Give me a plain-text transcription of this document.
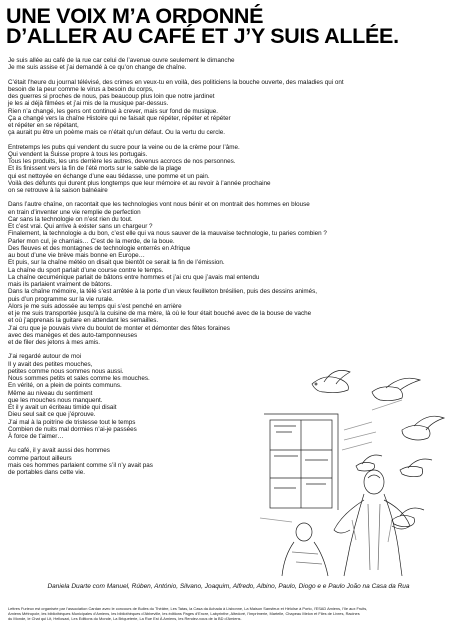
UNE VOIX M’A ORDONNÉ
D’ALLER AU CAFÉ ET J’Y SUIS ALLÉE.

Je suis allée au café de la rue car celui de l’avenue ouvre seulement le dimanche
Je me suis assise et j’ai demandé à ce qu’on change de chaîne.

C’était l’heure du journal télévisé, des crimes en veux-tu en voilà, des politiciens la bouche ouverte, des maladies qui ont
besoin de la peur comme le virus a besoin du corps,
des guerres si proches de nous, pas beaucoup plus loin que notre jardinet
je les ai déjà filmées et j’ai mis de la musique par-dessus.
Rien n’a changé, les gens ont continué à crever, mais sur fond de musique.
Ça a changé vers la chaîne Histoire qui ne faisait que répéter, répéter et répéter
et répéter en se répétant,
ça aurait pu être un poème mais ce n’était qu’un défaut. Ou la vertu du cercle.

Entretemps les pubs qui vendent du sucre pour la veine ou de la crème pour l’âme.
Qui vendent la Suisse propre à tous les portugais.
Tous les produits, les uns derrière les autres, devenus accrocs de nos personnes.
Et ils finissent vers la fin de l’été morts sur le sable de la plage
qui est nettoyée en échange d’une eau tiédasse, une pomme et un pain.
Voilà des défunts qui durent plus longtemps que leur mémoire et au revoir à l’année prochaine
on se retrouve à la saison balnéaire

Dans l’autre chaîne, on racontait que les technologies vont nous bénir et on montrait des hommes en blouse
en train d’inventer une vie remplie de perfection
Car sans la technologie on n’est rien du tout.
Et c’est vrai. Qui arrive à exister sans un chargeur ?
Finalement, la technologie a du bon, c’est elle qui va nous sauver de la mauvaise technologie, tu paries combien ?
Parler mon cul, je charriais… C’est de la merde, de la boue.
Des fleuves et des montagnes de technologie enterrés en Afrique
au bout d’une vie brève mais bonne en Europe…
Et puis, sur la chaîne météo on disait que bientôt ce serait la fin de l’émission.
La chaîne du sport parlait d’une course contre le temps.
La chaîne œcuménique parlait de bâtons entre hommes et j’ai cru que j’avais mal entendu
mais ils parlaient vraiment de bâtons.
Dans la chaîne mémoire, la télé s’est arrêtée à la porte d’un vieux feuilleton brésilien, puis des dessins animés,
puis d’un programme sur la vie rurale.
Alors je me suis adossée au temps qui s’est penché en arrière
et je me suis transportée jusqu’à la cuisine de ma mère, là où le four était bouché avec de la bouse de vache
et où j’apprenais la guitare en attendant les semailles.
J’ai cru que je pouvais vivre du boulot de monter et démonter des fêtes foraines
avec des manèges et des auto-tamponneuses
et de filer des jetons à mes amis.

J’ai regardé autour de moi
Il y avait des petites mouches,
petites comme nous sommes nous aussi.
Nous sommes petits et sales comme les mouches.
En vérité, on a plein de points communs.
Même au niveau du sentiment
que les mouches nous manquent.
Et il y avait un écriteau timide qui disait
Dieu seul sait ce que j’éprouve.
J’ai mal à la poitrine de tristesse tout le temps
Combien de nuits mal dormies n’ai-je passées
À force de t’aimer…

Au café, il y avait aussi des hommes
comme partout ailleurs
mais ces hommes parlaient comme s’il n’y avait pas
de portables dans cette vie.

Daniela Duarte com Manuel, Rúben, António, Silvano, Joaquim, Alfredo, Albino, Paulo, Diogo e e Paulo João na Casa da Rua

Lettres Furieux est organisée par l’association Cardan avec le concours de Bulles du Théâtre, Les Tatas, la Casa da Achada à Lisbonne, La Maison Sansfeux et Héloïse à Porto, l’ESAD Amiens, l’Ile aux Fruits,
Amiens Métropole, les bibliothèques Municipales d’Amiens, les bibliothèques d’Abbeville, les éditions Pages d’Encre, Labyrinthe, Altedoré, l’Imprimerie, Martelle, Chapeau Melon et Files de Livres, Racines
du Monde, le Chat qui Lit, Hellosaxi, Les Editions du Monde, La Briqueterie, La Rue Est À Amiens, les Rendez-vous de la BD d’Amiens.
